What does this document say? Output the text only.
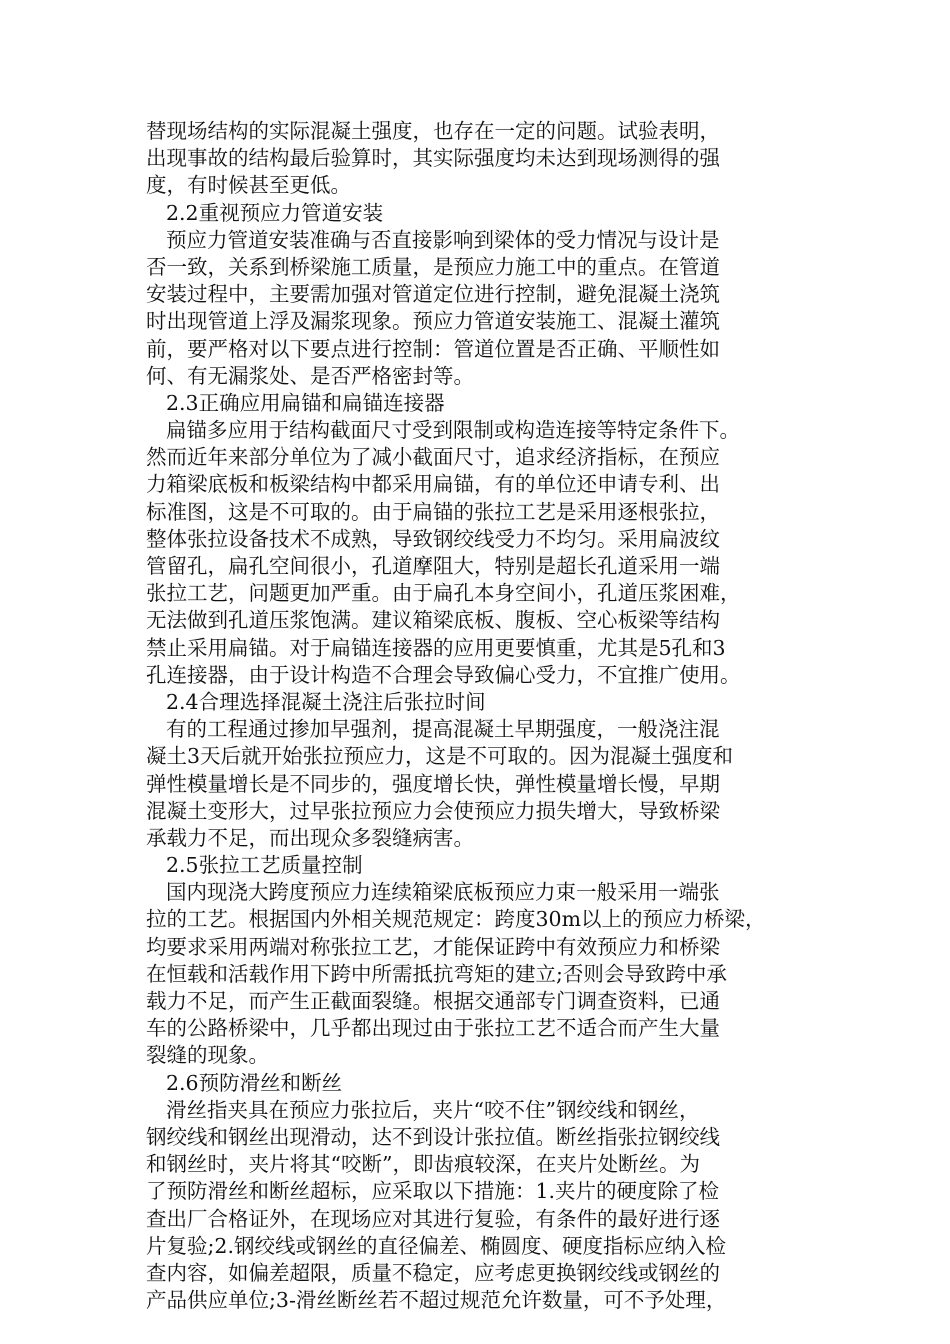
替现场结构的实际混凝土强度，也存在一定的问题。试验表明，
出现事故的结构最后验算时，其实际强度均未达到现场测得的强
度，有时候甚至更低。
2.2重视预应力管道安装
预应力管道安装准确与否直接影响到梁体的受力情况与设计是
否一致，关系到桥梁施工质量，是预应力施工中的重点。在管道
安装过程中，主要需加强对管道定位进行控制，避免混凝土浇筑
时出现管道上浮及漏浆现象。预应力管道安装施工、混凝土灌筑
前，要严格对以下要点进行控制：管道位置是否正确、平顺性如
何、有无漏浆处、是否严格密封等。
2.3正确应用扁锚和扁锚连接器
扁锚多应用于结构截面尺寸受到限制或构造连接等特定条件下。
然而近年来部分单位为了减小截面尺寸，追求经济指标，在预应
力箱梁底板和板梁结构中都采用扁锚，有的单位还申请专利、出
标准图，这是不可取的。由于扁锚的张拉工艺是采用逐根张拉，
整体张拉设备技术不成熟，导致钢绞线受力不均匀。采用扁波纹
管留孔，扁孔空间很小，孔道摩阻大，特别是超长孔道采用一端
张拉工艺，问题更加严重。由于扁孔本身空间小，孔道压浆困难，
无法做到孔道压浆饱满。建议箱梁底板、腹板、空心板梁等结构
禁止采用扁锚。对于扁锚连接器的应用更要慎重，尤其是5孔和3
孔连接器，由于设计构造不合理会导致偏心受力，不宜推广使用。
2.4合理选择混凝土浇注后张拉时间
有的工程通过掺加早强剂，提高混凝土早期强度，一般浇注混
凝土3天后就开始张拉预应力，这是不可取的。因为混凝土强度和
弹性模量增长是不同步的，强度增长快，弹性模量增长慢，早期
混凝土变形大，过早张拉预应力会使预应力损失增大，导致桥梁
承载力不足，而出现众多裂缝病害。
2.5张拉工艺质量控制
国内现浇大跨度预应力连续箱梁底板预应力束一般采用一端张
拉的工艺。根据国内外相关规范规定：跨度30m以上的预应力桥梁，
均要求采用两端对称张拉工艺，才能保证跨中有效预应力和桥梁
在恒载和活载作用下跨中所需抵抗弯矩的建立;否则会导致跨中承
载力不足，而产生正截面裂缝。根据交通部专门调查资料，已通
车的公路桥梁中，几乎都出现过由于张拉工艺不适合而产生大量
裂缝的现象。
2.6预防滑丝和断丝
滑丝指夹具在预应力张拉后，夹片“咬不住”钢绞线和钢丝，
钢绞线和钢丝出现滑动，达不到设计张拉值。断丝指张拉钢绞线
和钢丝时，夹片将其“咬断”，即齿痕较深，在夹片处断丝。为
了预防滑丝和断丝超标，应采取以下措施：1.夹片的硬度除了检
查出厂合格证外，在现场应对其进行复验，有条件的最好进行逐
片复验;2.钢绞线或钢丝的直径偏差、椭圆度、硬度指标应纳入检
查内容，如偏差超限，质量不稳定，应考虑更换钢绞线或钢丝的
产品供应单位;3-滑丝断丝若不超过规范允许数量，可不予处理，
